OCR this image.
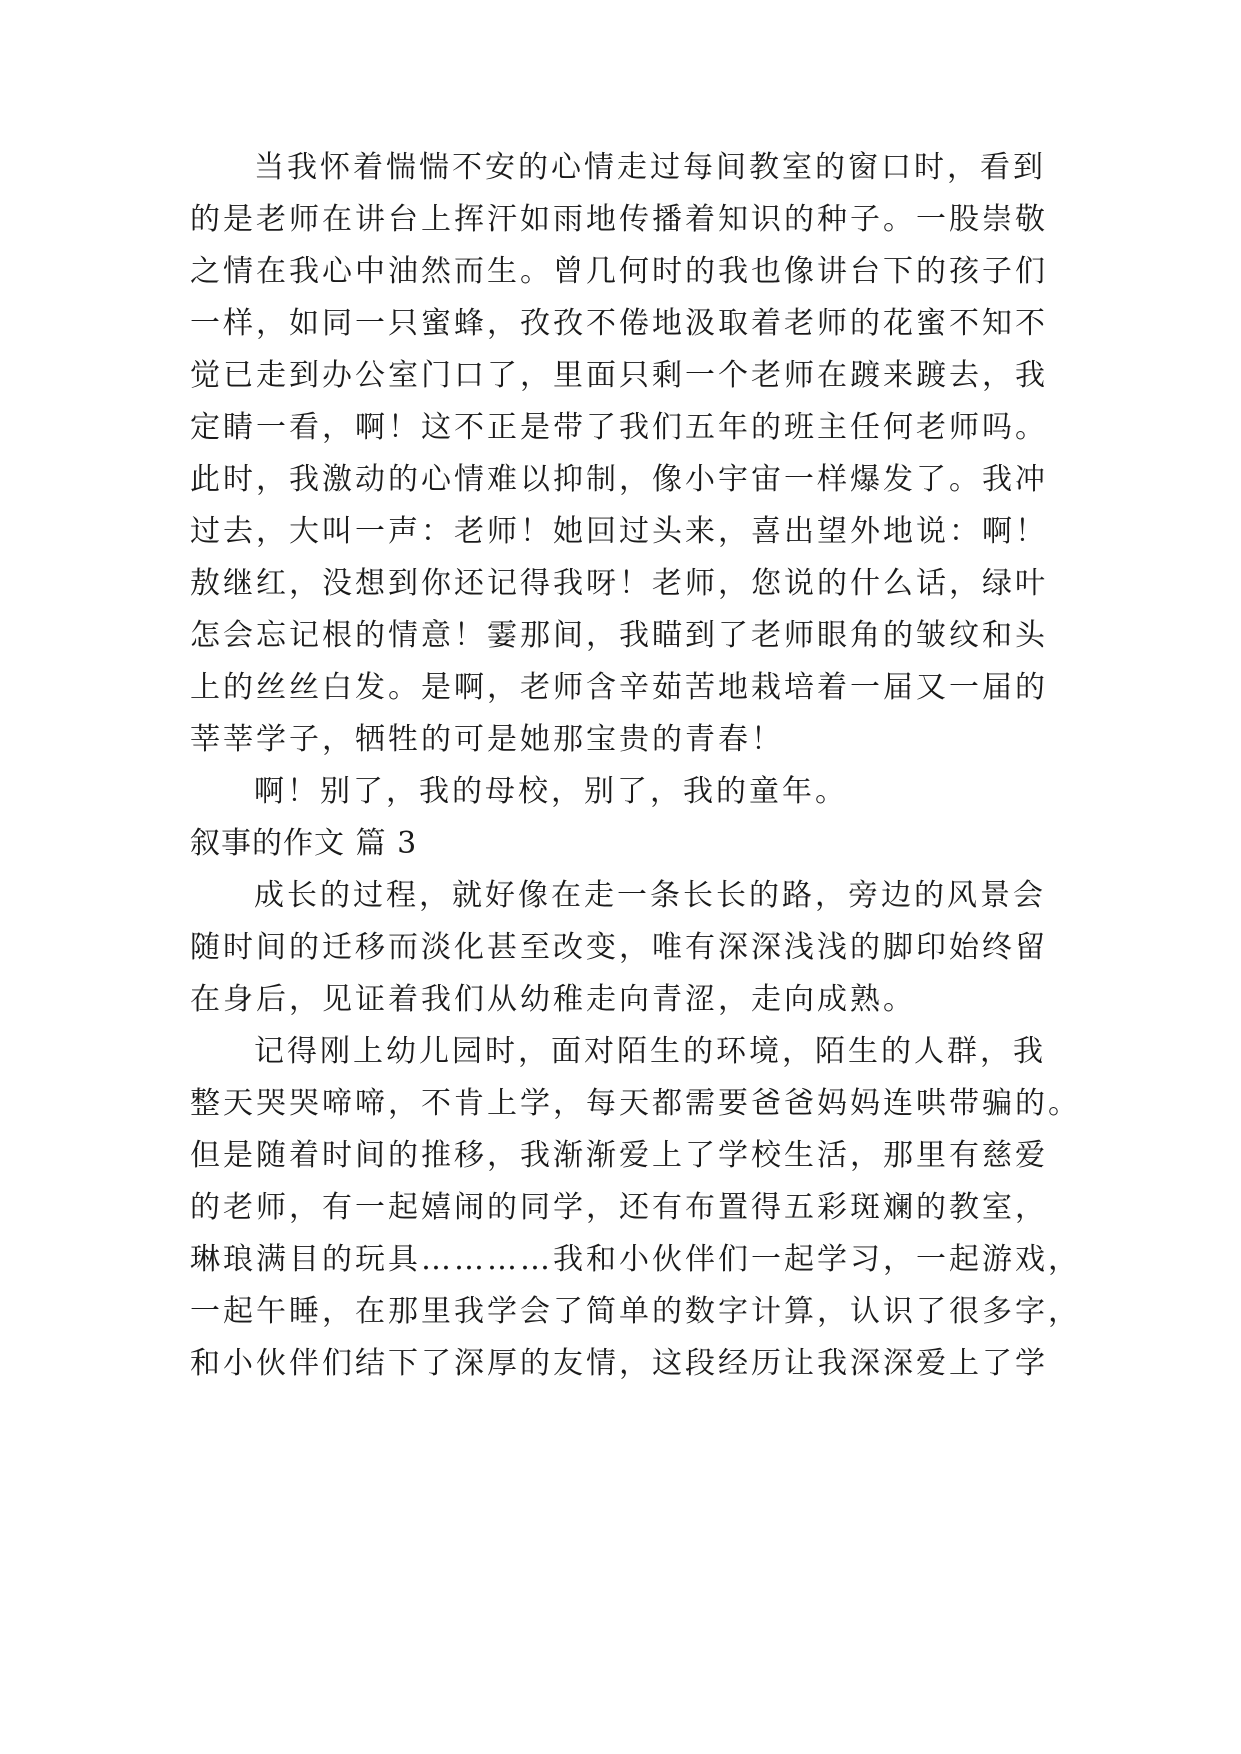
当我怀着惴惴不安的心情走过每间教室的窗口时，看到
的是老师在讲台上挥汗如雨地传播着知识的种子。一股崇敬
之情在我心中油然而生。曾几何时的我也像讲台下的孩子们
一样，如同一只蜜蜂，孜孜不倦地汲取着老师的花蜜不知不
觉已走到办公室门口了，里面只剩一个老师在踱来踱去，我
定睛一看，啊！这不正是带了我们五年的班主任何老师吗。
此时，我激动的心情难以抑制，像小宇宙一样爆发了。我冲
过去，大叫一声：老师！她回过头来，喜出望外地说：啊！
敖继红，没想到你还记得我呀！老师，您说的什么话，绿叶
怎会忘记根的情意！霎那间，我瞄到了老师眼角的皱纹和头
上的丝丝白发。是啊，老师含辛茹苦地栽培着一届又一届的
莘莘学子，牺牲的可是她那宝贵的青春！
啊！别了，我的母校，别了，我的童年。
叙事的作文 篇 3
成长的过程，就好像在走一条长长的路，旁边的风景会
随时间的迁移而淡化甚至改变，唯有深深浅浅的脚印始终留
在身后，见证着我们从幼稚走向青涩，走向成熟。
记得刚上幼儿园时，面对陌生的环境，陌生的人群，我
整天哭哭啼啼，不肯上学，每天都需要爸爸妈妈连哄带骗的。
但是随着时间的推移，我渐渐爱上了学校生活，那里有慈爱
的老师，有一起嬉闹的同学，还有布置得五彩斑斓的教室，
琳琅满目的玩具…………我和小伙伴们一起学习，一起游戏，
一起午睡，在那里我学会了简单的数字计算，认识了很多字，
和小伙伴们结下了深厚的友情，这段经历让我深深爱上了学
